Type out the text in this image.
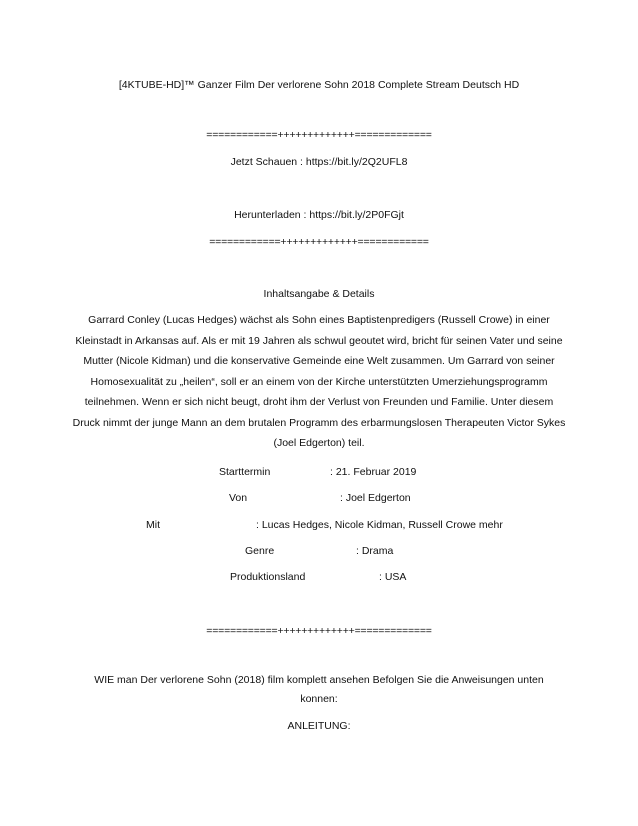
[4KTUBE-HD]™ Ganzer Film Der verlorene Sohn 2018 Complete Stream Deutsch HD
============+++++++++++++=============
Jetzt Schauen : https://bit.ly/2Q2UFL8
Herunterladen : https://bit.ly/2P0FGjt
============+++++++++++++============
Inhaltsangabe & Details
Garrard Conley (Lucas Hedges) wächst als Sohn eines Baptistenpredigers (Russell Crowe) in einer Kleinstadt in Arkansas auf. Als er mit 19 Jahren als schwul geoutet wird, bricht für seinen Vater und seine Mutter (Nicole Kidman) und die konservative Gemeinde eine Welt zusammen. Um Garrard von seiner Homosexualität zu „heilen“, soll er an einem von der Kirche unterstützten Umerziehungsprogramm teilnehmen. Wenn er sich nicht beugt, droht ihm der Verlust von Freunden und Familie. Unter diesem Druck nimmt der junge Mann an dem brutalen Programm des erbarmungslosen Therapeuten Victor Sykes (Joel Edgerton) teil.
Starttermin	: 21. Februar 2019
Von	: Joel Edgerton
Mit	: Lucas Hedges, Nicole Kidman, Russell Crowe mehr
Genre	: Drama
Produktionsland	: USA
============+++++++++++++=============
WIE man Der verlorene Sohn (2018) film komplett ansehen Befolgen Sie die Anweisungen unten konnen:
ANLEITUNG:
